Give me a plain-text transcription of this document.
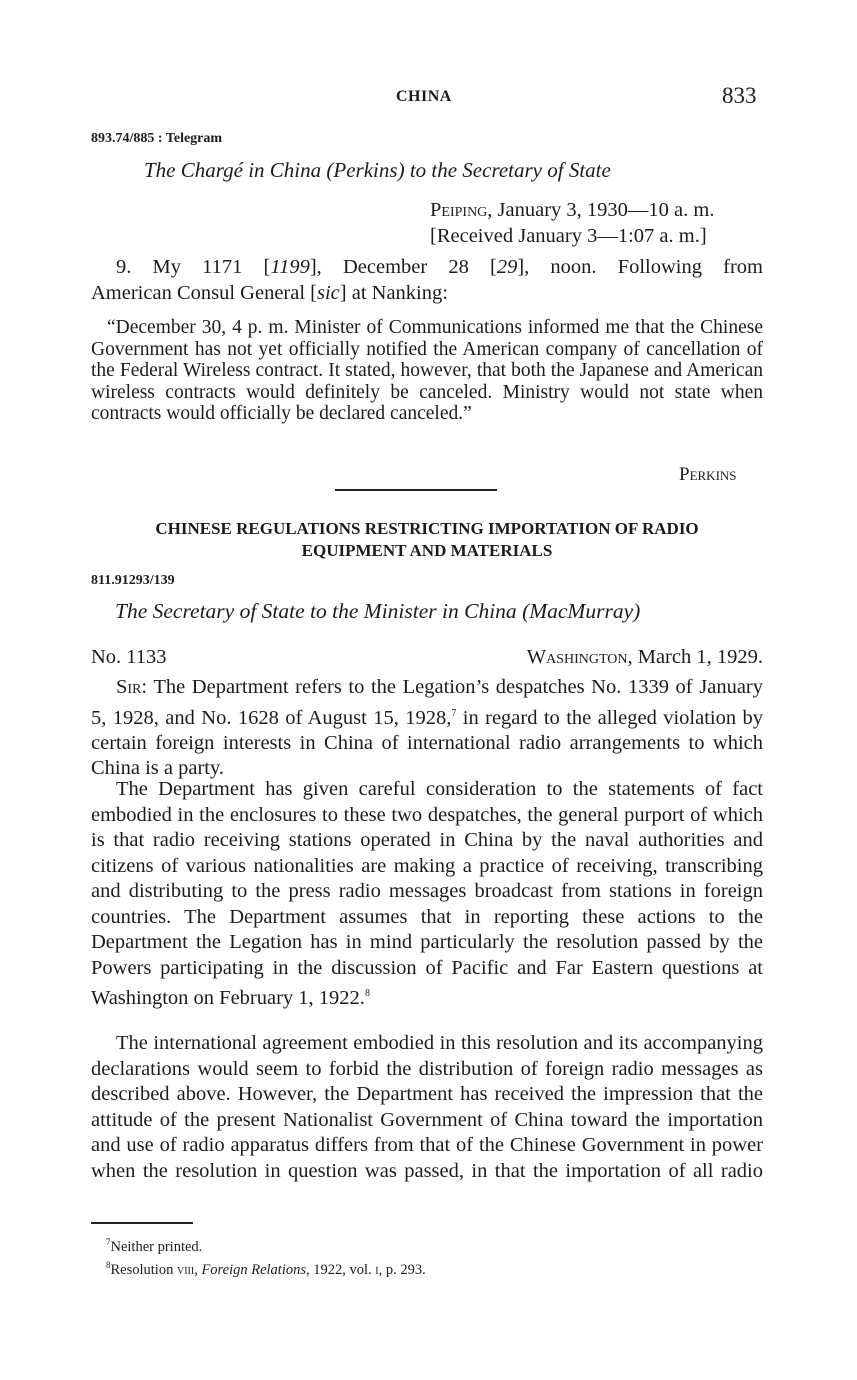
CHINA	833
893.74/885 : Telegram
The Chargé in China (Perkins) to the Secretary of State
Peiping, January 3, 1930—10 a. m.
[Received January 3—1:07 a. m.]
9. My 1171 [1199], December 28 [29], noon. Following from
American Consul General [sic] at Nanking:
“December 30, 4 p. m. Minister of Communications informed me that the Chinese Government has not yet officially notified the American company of cancellation of the Federal Wireless contract. It stated, however, that both the Japanese and American wireless contracts would definitely be canceled. Ministry would not state when contracts would officially be declared canceled.”
Perkins
CHINESE REGULATIONS RESTRICTING IMPORTATION OF RADIO
EQUIPMENT AND MATERIALS
811.91293/139
The Secretary of State to the Minister in China (MacMurray)
No. 1133	Washington, March 1, 1929.
Sir: The Department refers to the Legation’s despatches No. 1339 of January 5, 1928, and No. 1628 of August 15, 1928,$^7$ in regard to the alleged violation by certain foreign interests in China of international radio arrangements to which China is a party.
The Department has given careful consideration to the statements of fact embodied in the enclosures to these two despatches, the general purport of which is that radio receiving stations operated in China by the naval authorities and citizens of various nationalities are making a practice of receiving, transcribing and distributing to the press radio messages broadcast from stations in foreign countries. The Department assumes that in reporting these actions to the Department the Legation has in mind particularly the resolution passed by the Powers participating in the discussion of Pacific and Far Eastern questions at Washington on February 1, 1922.$^8$
The international agreement embodied in this resolution and its accompanying declarations would seem to forbid the distribution of foreign radio messages as described above. However, the Department has received the impression that the attitude of the present Nationalist Government of China toward the importation and use of radio apparatus differs from that of the Chinese Government in power when the resolution in question was passed, in that the importation of all radio
$^7$Neither printed.
$^8$Resolution viii, Foreign Relations, 1922, vol. i, p. 293.
